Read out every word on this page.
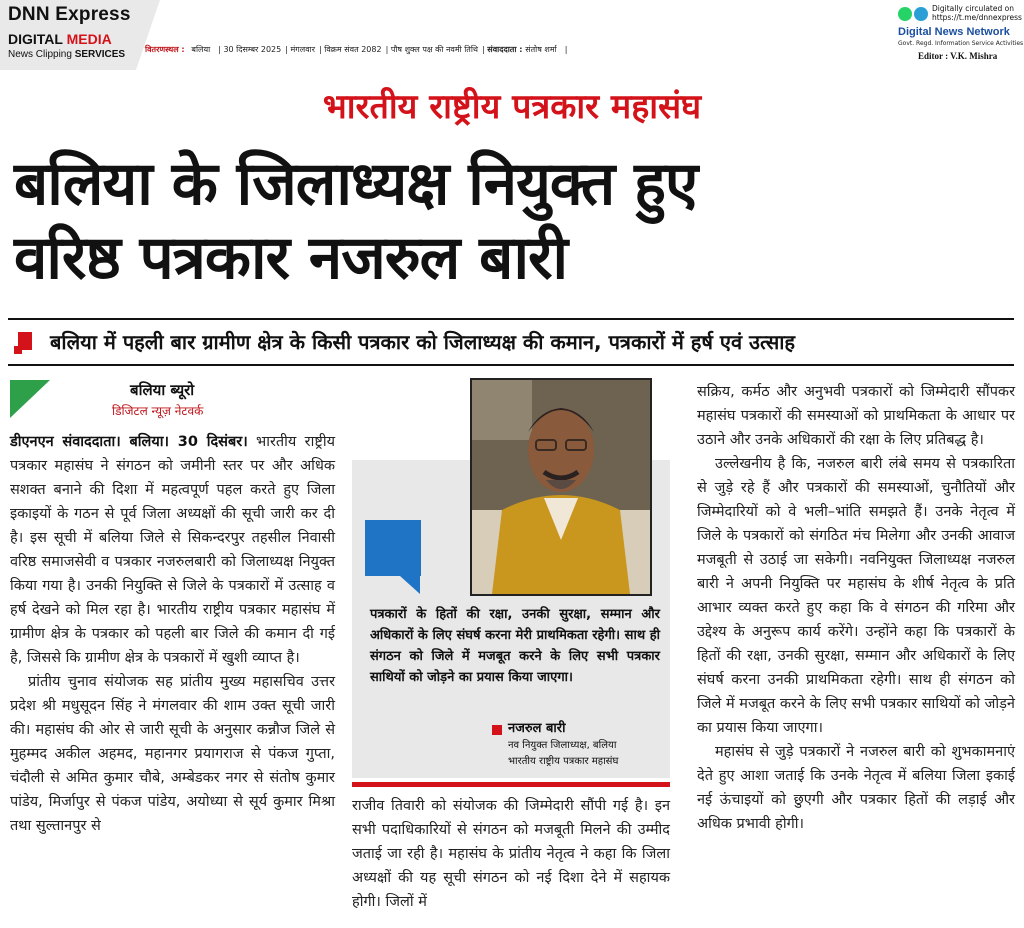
DNN Express
DIGITAL MEDIA
News Clipping SERVICES वितरणस्थल : बलिया | 30 दिसम्बर 2025 | मंगलवार | विक्रम संवत 2082 | पौष शुक्ल पक्ष की नवमी तिथि | संवाददाता : संतोष शर्मा |
Digitally circulated on
https://t.me/dnnexpress
Digital News Network
Govt. Regd. Information Service Activities
Editor : V.K. Mishra
भारतीय राष्ट्रीय पत्रकार महासंघ
बलिया के जिलाध्यक्ष नियुक्त हुए
वरिष्ठ पत्रकार नजरुल बारी
बलिया में पहली बार ग्रामीण क्षेत्र के किसी पत्रकार को जिलाध्यक्ष की कमान, पत्रकारों में हर्ष एवं उत्साह
बलिया ब्यूरो
डिजिटल न्यूज़ नेटवर्क

डीएनएन संवाददाता। बलिया। 30 दिसंबर। भारतीय राष्ट्रीय पत्रकार महासंघ ने संगठन को जमीनी स्तर पर और अधिक सशक्त बनाने की दिशा में महत्वपूर्ण पहल करते हुए जिला इकाइयों के गठन से पूर्व जिला अध्यक्षों की सूची जारी कर दी है। इस सूची में बलिया जिले से सिकन्दरपुर तहसील निवासी वरिष्ठ समाजसेवी व पत्रकार नजरुलबारी को जिलाध्यक्ष नियुक्त किया गया है। उनकी नियुक्ति से जिले के पत्रकारों में उत्साह व हर्ष देखने को मिल रहा है। भारतीय राष्ट्रीय पत्रकार महासंघ में ग्रामीण क्षेत्र के पत्रकार को पहली बार जिले की कमान दी गई है, जिससे कि ग्रामीण क्षेत्र के पत्रकारों में खुशी व्याप्त है।

प्रांतीय चुनाव संयोजक सह प्रांतीय मुख्य महासचिव उत्तर प्रदेश श्री मधुसूदन सिंह ने मंगलवार की शाम उक्त सूची जारी की। महासंघ की ओर से जारी सूची के अनुसार कन्नौज जिले से मुहम्मद अकील अहमद, महानगर प्रयागराज से पंकज गुप्ता, चंदौली से अमित कुमार चौबे, अम्बेडकर नगर से संतोष कुमार पांडेय, मिर्जापुर से पंकज पांडेय, अयोध्या से सूर्य कुमार मिश्रा तथा सुल्तानपुर से

पत्रकारों के हितों की रक्षा, उनकी सुरक्षा, सम्मान और अधिकारों के लिए संघर्ष करना मेरी प्राथमिकता रहेगी। साथ ही संगठन को जिले में मजबूत करने के लिए सभी पत्रकार साथियों को जोड़ने का प्रयास किया जाएगा।
नजरुल बारी
नव नियुक्त जिलाध्यक्ष, बलिया
भारतीय राष्ट्रीय पत्रकार महासंघ

राजीव तिवारी को संयोजक की जिम्मेदारी सौंपी गई है। इन सभी पदाधिकारियों से संगठन को मजबूती मिलने की उम्मीद जताई जा रही है। महासंघ के प्रांतीय नेतृत्व ने कहा कि जिला अध्यक्षों की यह सूची संगठन को नई दिशा देने में सहायक होगी। जिलों में

सक्रिय, कर्मठ और अनुभवी पत्रकारों को जिम्मेदारी सौंपकर महासंघ पत्रकारों की समस्याओं को प्राथमिकता के आधार पर उठाने और उनके अधिकारों की रक्षा के लिए प्रतिबद्ध है।

उल्लेखनीय है कि, नजरुल बारी लंबे समय से पत्रकारिता से जुड़े रहे हैं और पत्रकारों की समस्याओं, चुनौतियों और जिम्मेदारियों को वे भली–भांति समझते हैं। उनके नेतृत्व में जिले के पत्रकारों को संगठित मंच मिलेगा और उनकी आवाज मजबूती से उठाई जा सकेगी। नवनियुक्त जिलाध्यक्ष नजरुल बारी ने अपनी नियुक्ति पर महासंघ के शीर्ष नेतृत्व के प्रति आभार व्यक्त करते हुए कहा कि वे संगठन की गरिमा और उद्देश्य के अनुरूप कार्य करेंगे। उन्होंने कहा कि पत्रकारों के हितों की रक्षा, उनकी सुरक्षा, सम्मान और अधिकारों के लिए संघर्ष करना उनकी प्राथमिकता रहेगी। साथ ही संगठन को जिले में मजबूत करने के लिए सभी पत्रकार साथियों को जोड़ने का प्रयास किया जाएगा।

महासंघ से जुड़े पत्रकारों ने नजरुल बारी को शुभकामनाएं देते हुए आशा जताई कि उनके नेतृत्व में बलिया जिला इकाई नई ऊंचाइयों को छुएगी और पत्रकार हितों की लड़ाई और अधिक प्रभावी होगी।
